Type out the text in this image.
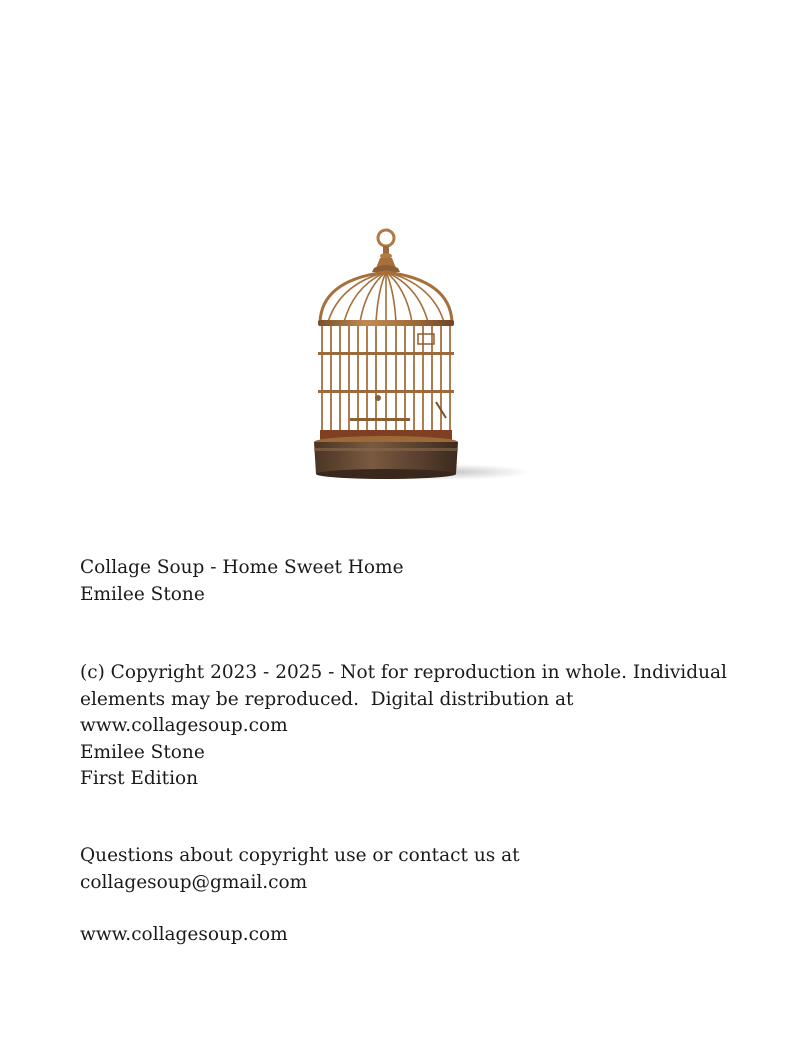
Collage Soup - Home Sweet Home
Emilee Stone
(c) Copyright 2023 - 2025 - Not for reproduction in whole. Individual
elements may be reproduced.  Digital distribution at
www.collagesoup.com
Emilee Stone
First Edition
Questions about copyright use or contact us at
collagesoup@gmail.com
www.collagesoup.com
